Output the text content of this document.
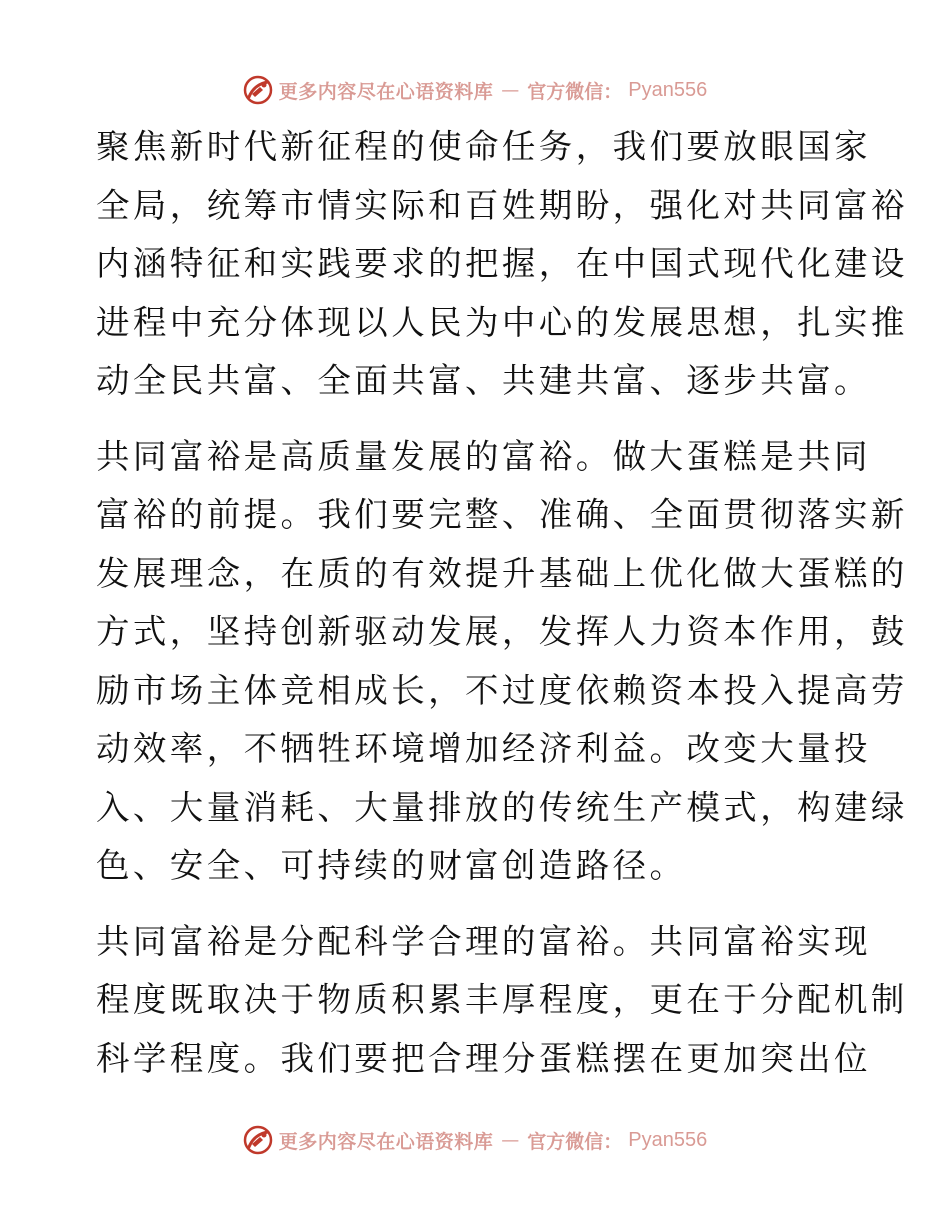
更多内容尽在心语资料库 — 官方微信： Pyan556

聚焦新时代新征程的使命任务，我们要放眼国家
全局，统筹市情实际和百姓期盼，强化对共同富裕
内涵特征和实践要求的把握，在中国式现代化建设
进程中充分体现以人民为中心的发展思想，扎实推
动全民共富、全面共富、共建共富、逐步共富。

共同富裕是高质量发展的富裕。做大蛋糕是共同
富裕的前提。我们要完整、准确、全面贯彻落实新
发展理念，在质的有效提升基础上优化做大蛋糕的
方式，坚持创新驱动发展，发挥人力资本作用，鼓
励市场主体竞相成长，不过度依赖资本投入提高劳
动效率，不牺牲环境增加经济利益。改变大量投
入、大量消耗、大量排放的传统生产模式，构建绿
色、安全、可持续的财富创造路径。

共同富裕是分配科学合理的富裕。共同富裕实现
程度既取决于物质积累丰厚程度，更在于分配机制
科学程度。我们要把合理分蛋糕摆在更加突出位

更多内容尽在心语资料库 — 官方微信： Pyan556
